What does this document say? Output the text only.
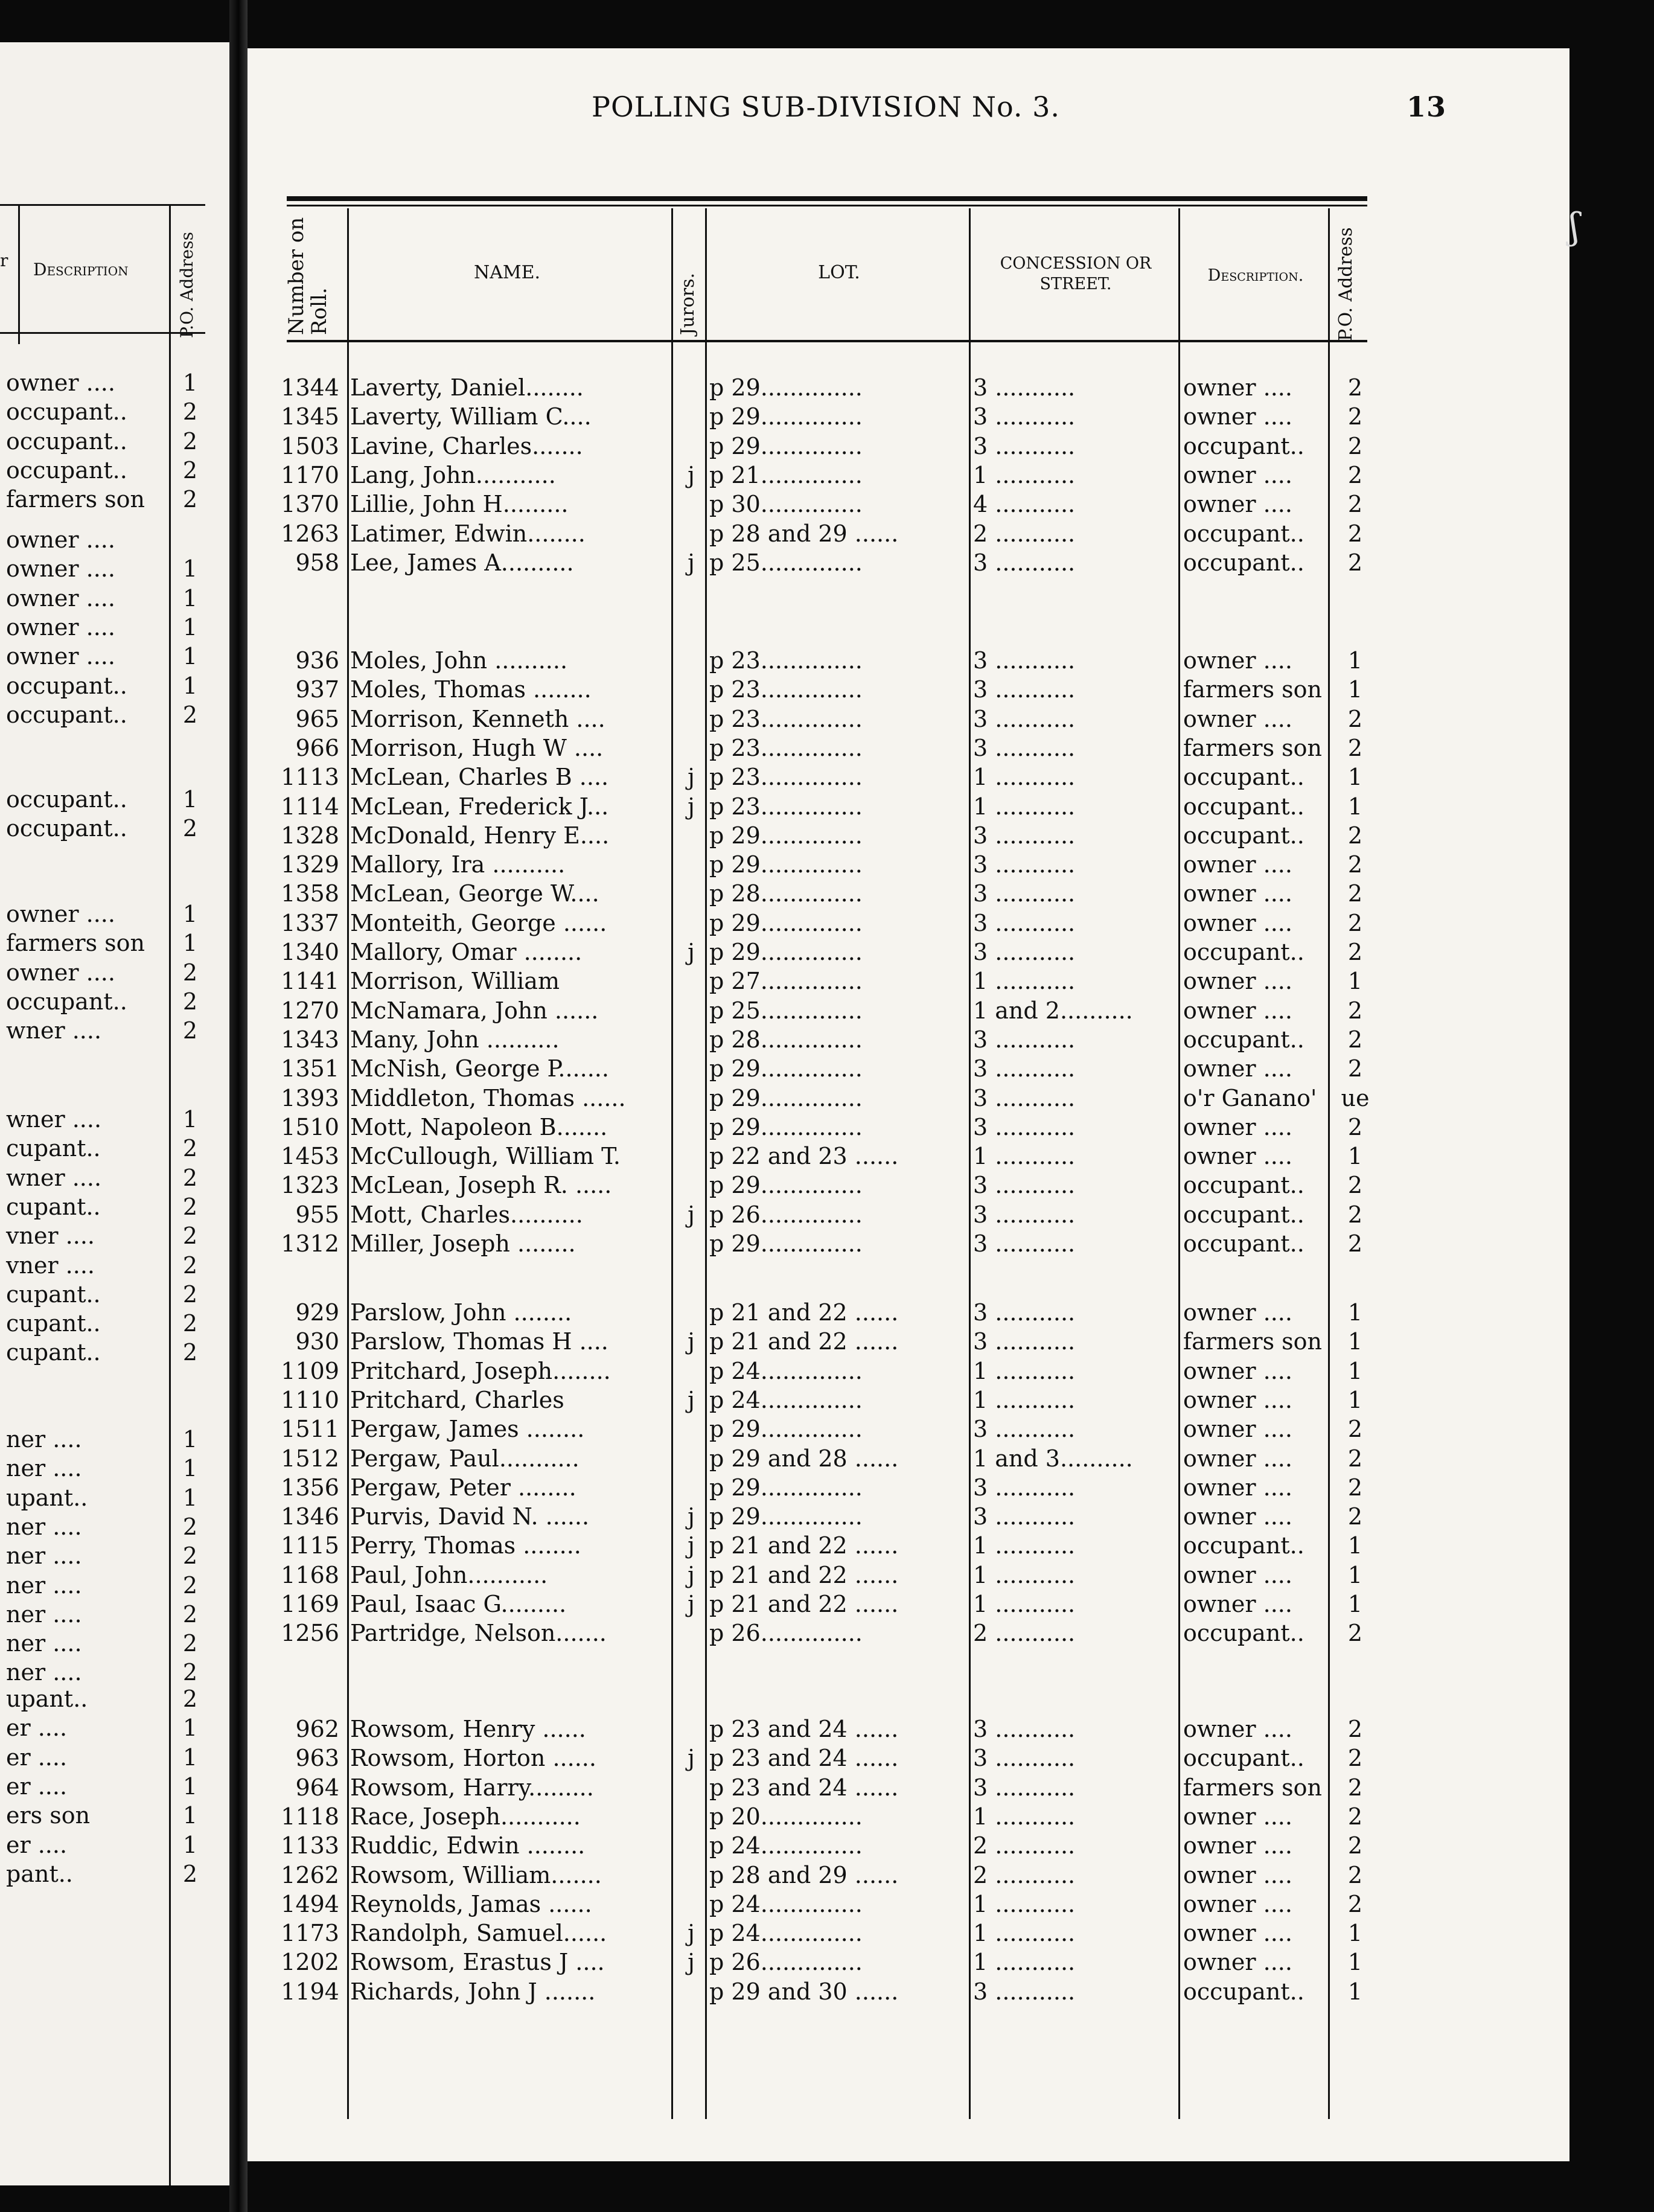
r Description	P.O. Address
owner ....	1
occupant..	2
occupant..	2
occupant..	2
farmers son	2
owner ....
owner ....	1
owner ....	1
owner ....	1
owner ....	1
occupant..	1
occupant..	2
occupant..	1
occupant..	2
owner ....	1
farmers son	1
owner ....	2
occupant..	2
wner ....	2
wner ....	1
cupant..	2
wner ....	2
cupant..	2
vner ....	2
vner ....	2
cupant..	2
cupant..	2
cupant..	2
ner ....	1
ner ....	1
upant..	1
ner ....	2
ner ....	2
ner ....	2
ner ....	2
ner ....	2
ner ....	2
upant..	2
er ....	1
er ....	1
er ....	1
ers son	1
er ....	1
pant..	2
POLLING SUB-DIVISION No. 3.	13
Number on Roll.
NAME.
Jurors.
LOT.	CONCESSION OR STREET.	Description.	P.O. Address
1344 Laverty, Daniel........	p 29..............	3 ...........	owner ....	2
1345 Laverty, William C....	p 29..............	3 ...........	owner ....	2
1503 Lavine, Charles.......	p 29..............	3 ...........	occupant..	2
1170 Lang, John...........	j p 21..............	1 ...........	owner ....	2
1370 Lillie, John H.........	p 30..............	4 ...........	owner ....	2
1263 Latimer, Edwin........	p 28 and 29 ......	2 ...........	occupant..	2
958 Lee, James A..........	j p 25..............	3 ...........	occupant..	2
936 Moles, John ..........	p 23..............	3 ...........	owner ....	1
937 Moles, Thomas ........	p 23..............	3 ...........	farmers son	1
965 Morrison, Kenneth ....	p 23..............	3 ...........	owner ....	2
966 Morrison, Hugh W ....	p 23..............	3 ...........	farmers son	2
1113 McLean, Charles B ....	j p 23..............	1 ...........	occupant..	1
1114 McLean, Frederick J...	j p 23..............	1 ...........	occupant..	1
1328 McDonald, Henry E....	p 29..............	3 ...........	occupant..	2
1329 Mallory, Ira ..........	p 29..............	3 ...........	owner ....	2
1358 McLean, George W....	p 28..............	3 ...........	owner ....	2
1337 Monteith, George ......	p 29..............	3 ...........	owner ....	2
1340 Mallory, Omar ........	j p 29..............	3 ...........	occupant..	2
1141 Morrison, William	p 27..............	1 ...........	owner ....	1
1270 McNamara, John ......	p 25..............	1 and 2..........	owner ....	2
1343 Many, John ..........	p 28..............	3 ...........	occupant..	2
1351 McNish, George P.......	p 29..............	3 ...........	owner ....	2
1393 Middleton, Thomas ......	p 29..............	3 ...........	o'r Ganano'	ue
1510 Mott, Napoleon B.......	p 29..............	3 ...........	owner ....	2
1453 McCullough, William T.	p 22 and 23 ......	1 ...........	owner ....	1
1323 McLean, Joseph R. .....	p 29..............	3 ...........	occupant..	2
955 Mott, Charles..........	j p 26..............	3 ...........	occupant..	2
1312 Miller, Joseph ........	p 29..............	3 ...........	occupant..	2
929 Parslow, John ........	p 21 and 22 ......	3 ...........	owner ....	1
930 Parslow, Thomas H ....	j p 21 and 22 ......	3 ...........	farmers son	1
1109 Pritchard, Joseph........	p 24..............	1 ...........	owner ....	1
1110 Pritchard, Charles	j p 24..............	1 ...........	owner ....	1
1511 Pergaw, James ........	p 29..............	3 ...........	owner ....	2
1512 Pergaw, Paul...........	p 29 and 28 ......	1 and 3..........	owner ....	2
1356 Pergaw, Peter ........	p 29..............	3 ...........	owner ....	2
1346 Purvis, David N. ......	j p 29..............	3 ...........	owner ....	2
1115 Perry, Thomas ........	j p 21 and 22 ......	1 ...........	occupant..	1
1168 Paul, John...........	j p 21 and 22 ......	1 ...........	owner ....	1
1169 Paul, Isaac G.........	j p 21 and 22 ......	1 ...........	owner ....	1
1256 Partridge, Nelson.......	p 26..............	2 ...........	occupant..	2
962 Rowsom, Henry ......	p 23 and 24 ......	3 ...........	owner ....	2
963 Rowsom, Horton ......	j p 23 and 24 ......	3 ...........	occupant..	2
964 Rowsom, Harry.........	p 23 and 24 ......	3 ...........	farmers son	2
1118 Race, Joseph...........	p 20..............	1 ...........	owner ....	2
1133 Ruddic, Edwin ........	p 24..............	2 ...........	owner ....	2
1262 Rowsom, William.......	p 28 and 29 ......	2 ...........	owner ....	2
1494 Reynolds, Jamas ......	p 24..............	1 ...........	owner ....	2
1173 Randolph, Samuel......	j p 24..............	1 ...........	owner ....	1
1202 Rowsom, Erastus J ....	j p 26..............	1 ...........	owner ....	1
1194 Richards, John J .......	p 29 and 30 ......	3 ...........	occupant..	1
ʃ
